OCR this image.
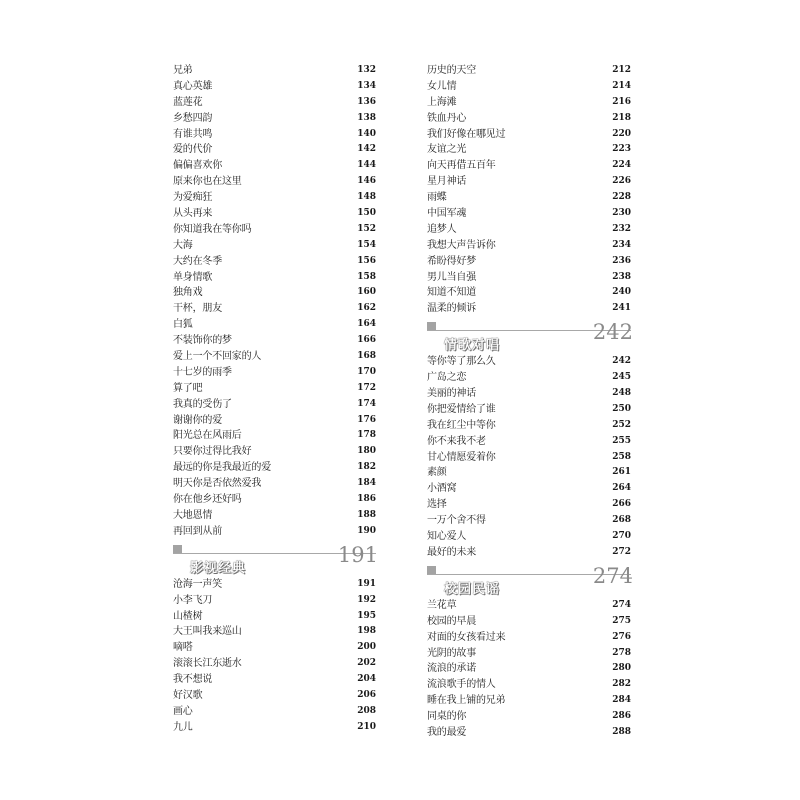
兄弟	132
真心英雄	134
蓝莲花	136
乡愁四韵	138
有谁共鸣	140
爱的代价	142
偏偏喜欢你	144
原来你也在这里	146
为爱痴狂	148
从头再来	150
你知道我在等你吗	152
大海	154
大约在冬季	156
单身情歌	158
独角戏	160
干杯，朋友	162
白狐	164
不装饰你的梦	166
爱上一个不回家的人	168
十七岁的雨季	170
算了吧	172
我真的受伤了	174
谢谢你的爱	176
阳光总在风雨后	178
只要你过得比我好	180
最远的你是我最近的爱	182
明天你是否依然爱我	184
你在他乡还好吗	186
大地恩情	188
再回到从前	190
影视经典
191
沧海一声笑	191
小李飞刀	192
山楂树	195
大王叫我来巡山	198
嘀嗒	200
滚滚长江东逝水	202
我不想说	204
好汉歌	206
画心	208
九儿	210
历史的天空	212
女儿情	214
上海滩	216
铁血丹心	218
我们好像在哪见过	220
友谊之光	223
向天再借五百年	224
星月神话	226
雨蝶	228
中国军魂	230
追梦人	232
我想大声告诉你	234
希盼得好梦	236
男儿当自强	238
知道不知道	240
温柔的倾诉	241
情歌对唱
242
等你等了那么久	242
广岛之恋	245
美丽的神话	248
你把爱情给了谁	250
我在红尘中等你	252
你不来我不老	255
甘心情愿爱着你	258
素颜	261
小酒窝	264
选择	266
一万个舍不得	268
知心爱人	270
最好的未来	272
校园民谣
274
兰花草	274
校园的早晨	275
对面的女孩看过来	276
光阴的故事	278
流浪的承诺	280
流浪歌手的情人	282
睡在我上铺的兄弟	284
同桌的你	286
我的最爱	288
